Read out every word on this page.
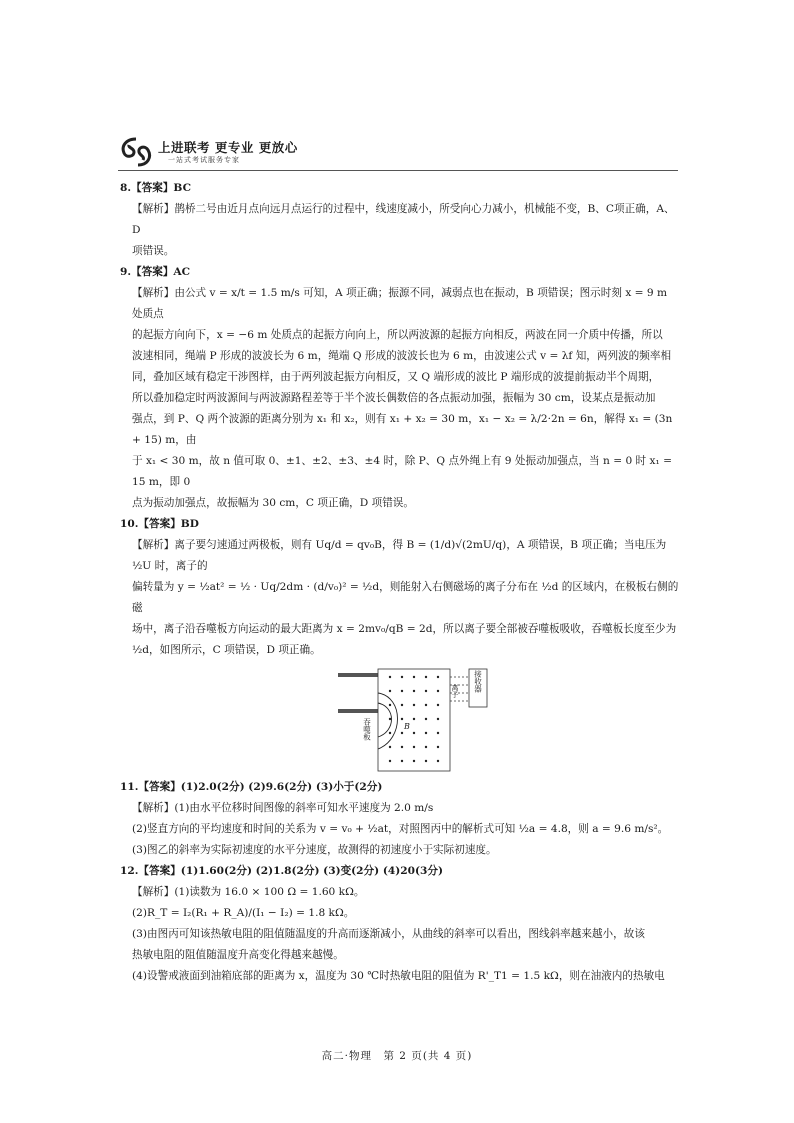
上进联考 更专业 更放心
一站式考试服务专家

8.【答案】BC

【解析】鹊桥二号由近月点向远月点运行的过程中，线速度减小，所受向心力减小，机械能不变，B、C项正确，A、D

项错误。

9.【答案】AC

【解析】由公式 v = x/t = 1.5 m/s 可知，A 项正确；振源不同，减弱点也在振动，B 项错误；图示时刻 x = 9 m 处质点

的起振方向向下，x = −6 m 处质点的起振方向向上，所以两波源的起振方向相反，两波在同一介质中传播，所以

波速相同，绳端 P 形成的波波长为 6 m，绳端 Q 形成的波波长也为 6 m，由波速公式 v = λf 知，两列波的频率相

同，叠加区域有稳定干涉图样，由于两列波起振方向相反，又 Q 端形成的波比 P 端形成的波提前振动半个周期，

所以叠加稳定时两波源间与两波源路程差等于半个波长偶数倍的各点振动加强，振幅为 30 cm，设某点是振动加

强点，到 P、Q 两个波源的距离分别为 x₁ 和 x₂，则有 x₁ + x₂ = 30 m，x₁ − x₂ = λ/2·2n = 6n，解得 x₁ = (3n + 15) m，由

于 x₁ < 30 m，故 n 值可取 0、±1、±2、±3、±4 时，除 P、Q 点外绳上有 9 处振动加强点，当 n = 0 时 x₁ = 15 m，即 0

点为振动加强点，故振幅为 30 cm，C 项正确，D 项错误。

10.【答案】BD

【解析】离子要匀速通过两极板，则有 Uq/d = qv₀B，得 B = (1/d)√(2mU/q)，A 项错误，B 项正确；当电压为 ½U 时，离子的

偏转量为 y = ½at² = ½ · Uq/2dm · (d/v₀)² = ½d，则能射入右侧磁场的离子分布在 ½d 的区域内，在极板右侧的磁

场中，离子沿吞噬板方向运动的最大距离为 x = 2mv₀/qB = 2d，所以离子要全部被吞噬板吸收，吞噬板长度至少为

½d，如图所示，C 项错误，D 项正确。

接收器
离子
吞噬板	B

11.【答案】(1)2.0(2分) (2)9.6(2分) (3)小于(2分)

【解析】(1)由水平位移时间图像的斜率可知水平速度为 2.0 m/s

(2)竖直方向的平均速度和时间的关系为 v = v₀ + ½at，对照图丙中的解析式可知 ½a = 4.8，则 a = 9.6 m/s²。

(3)图乙的斜率为实际初速度的水平分速度，故测得的初速度小于实际初速度。

12.【答案】(1)1.60(2分) (2)1.8(2分) (3)变(2分) (4)20(3分)

【解析】(1)读数为 16.0 × 100 Ω = 1.60 kΩ。

(2)R_T = I₂(R₁ + R_A)/(I₁ − I₂) = 1.8 kΩ。

(3)由图丙可知该热敏电阻的阻值随温度的升高而逐渐减小，从曲线的斜率可以看出，图线斜率越来越小，故该

热敏电阻的阻值随温度升高变化得越来越慢。

(4)设警戒液面到油箱底部的距离为 x，温度为 30 ℃时热敏电阻的阻值为 R'_T1 = 1.5 kΩ，则在油液内的热敏电

高二·物理　第 2 页(共 4 页)
